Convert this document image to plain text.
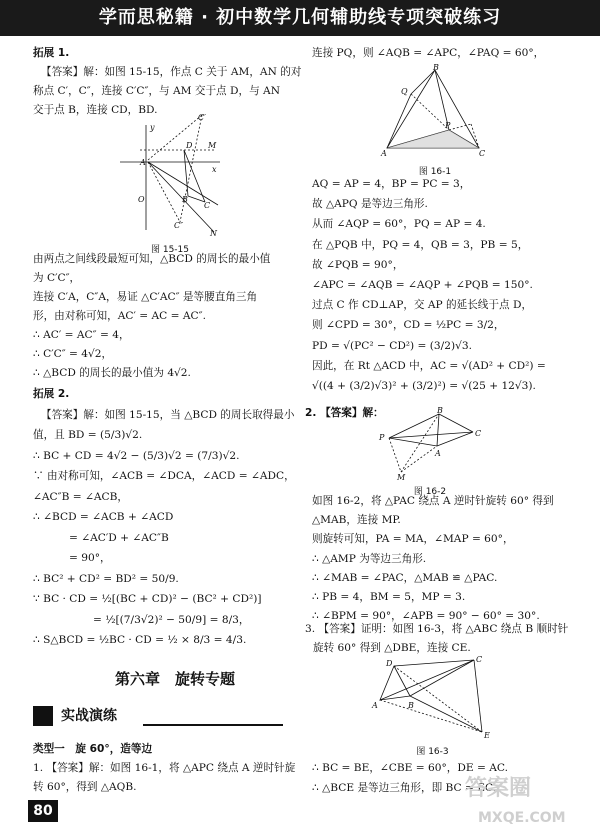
学而思秘籍 · 初中数学几何辅助线专项突破练习

拓展 1.

【答案】解：如图 15-15，作点 C 关于 AM，AN 的对

称点 C′，C″，连接 C′C″，与 AM 交于点 D，与 AN

交于点 B，连接 CD，BD.

A
O
C′
D M
x
y
B
C
C″
N
图 15-15

由两点之间线段最短可知，△BCD 的周长的最小值

为 C′C″，

连接 C′A，C″A，易证 △C′AC″ 是等腰直角三角

形，由对称可知，AC′ = AC = AC″.

∴ AC′ = AC″ = 4，

∴ C′C″ = 4√2，

∴ △BCD 的周长的最小值为 4√2.

拓展 2.

【答案】解：如图 15-15，当 △BCD 的周长取得最小

值，且 BD = (5/3)√2.

∴ BC + CD = 4√2 − (5/3)√2 = (7/3)√2.

∵ 由对称可知，∠ACB = ∠DCA，∠ACD = ∠ADC，

∠AC″B = ∠ACB，

∴ ∠BCD = ∠ACB + ∠ACD

= ∠AC′D + ∠AC″B

= 90°，

∴ BC² + CD² = BD² = 50/9.

∵ BC · CD = ½[(BC + CD)² − (BC² + CD²)]

= ½[(7/3√2)² − 50/9] = 8/3，

∴ S△BCD = ½BC · CD = ½ × 8/3 = 4/3.

第六章　旋转专题
实战演练

类型一　旋 60°，造等边

1. 【答案】解：如图 16-1，将 △APC 绕点 A 逆时针旋

转 60°，得到 △AQB.

80

连接 PQ，则 ∠AQB = ∠APC，∠PAQ = 60°，

B
Q
P
A	C
图 16-1

AQ = AP = 4，BP = PC = 3，

故 △APQ 是等边三角形.

从而 ∠AQP = 60°，PQ = AP = 4.

在 △PQB 中，PQ = 4，QB = 3，PB = 5，

故 ∠PQB = 90°，

∠APC = ∠AQB = ∠AQP + ∠PQB = 150°.

过点 C 作 CD⊥AP，交 AP 的延长线于点 D，

则 ∠CPD = 30°，CD = ½PC = 3/2，

PD = √(PC² − CD²) = (3/2)√3.

因此，在 Rt △ACD 中，AC = √(AD² + CD²) =

√((4 + (3/2)√3)² + (3/2)²) = √(25 + 12√3).

2. 【答案】解：	B
P
A
C
M
图 16-2

如图 16-2，将 △PAC 绕点 A 逆时针旋转 60° 得到

△MAB，连接 MP.

则旋转可知，PA = MA，∠MAP = 60°，

∴ △AMP 为等边三角形.

∴ ∠MAB = ∠PAC，△MAB ≌ △PAC.

∴ PB = 4，BM = 5，MP = 3.

∴ ∠BPM = 90°，∠APB = 90° − 60° = 30°.

3. 【答案】证明：如图 16-3，将 △ABC 绕点 B 顺时针

旋转 60° 得到 △DBE，连接 CE.

D	C
A	B
E
图 16-3

∴ BC = BE，∠CBE = 60°，DE = AC.

∴ △BCE 是等边三角形，即 BC = EC.

答案圈
MXQE.COM
